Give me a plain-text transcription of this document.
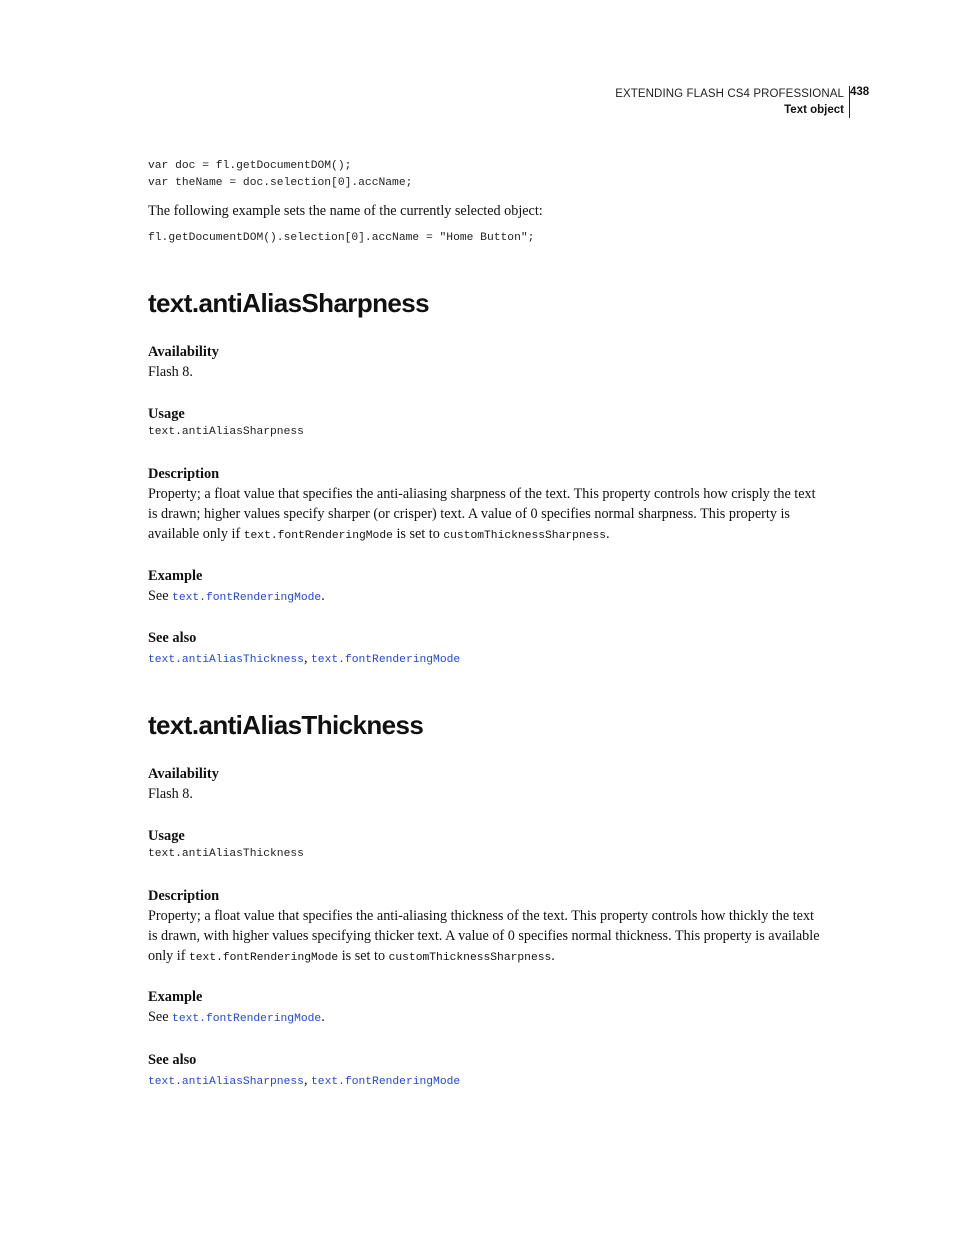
EXTENDING FLASH CS4 PROFESSIONAL
Text object
438
var doc = fl.getDocumentDOM();
var theName = doc.selection[0].accName;
The following example sets the name of the currently selected object:
fl.getDocumentDOM().selection[0].accName = "Home Button";
text.antiAliasSharpness

Availability

Flash 8.

Usage

text.antiAliasSharpness

Description

Property; a float value that specifies the anti-aliasing sharpness of the text. This property controls how crisply the text

is drawn; higher values specify sharper (or crisper) text. A value of 0 specifies normal sharpness. This property is

available only if text.fontRenderingMode is set to customThicknessSharpness.

Example

See text.fontRenderingMode.

See also

text.antiAliasThickness, text.fontRenderingMode

text.antiAliasThickness

Availability

Flash 8.

Usage

text.antiAliasThickness

Description

Property; a float value that specifies the anti-aliasing thickness of the text. This property controls how thickly the text

is drawn, with higher values specifying thicker text. A value of 0 specifies normal thickness. This property is available

only if text.fontRenderingMode is set to customThicknessSharpness.

Example

See text.fontRenderingMode.

See also

text.antiAliasSharpness, text.fontRenderingMode
